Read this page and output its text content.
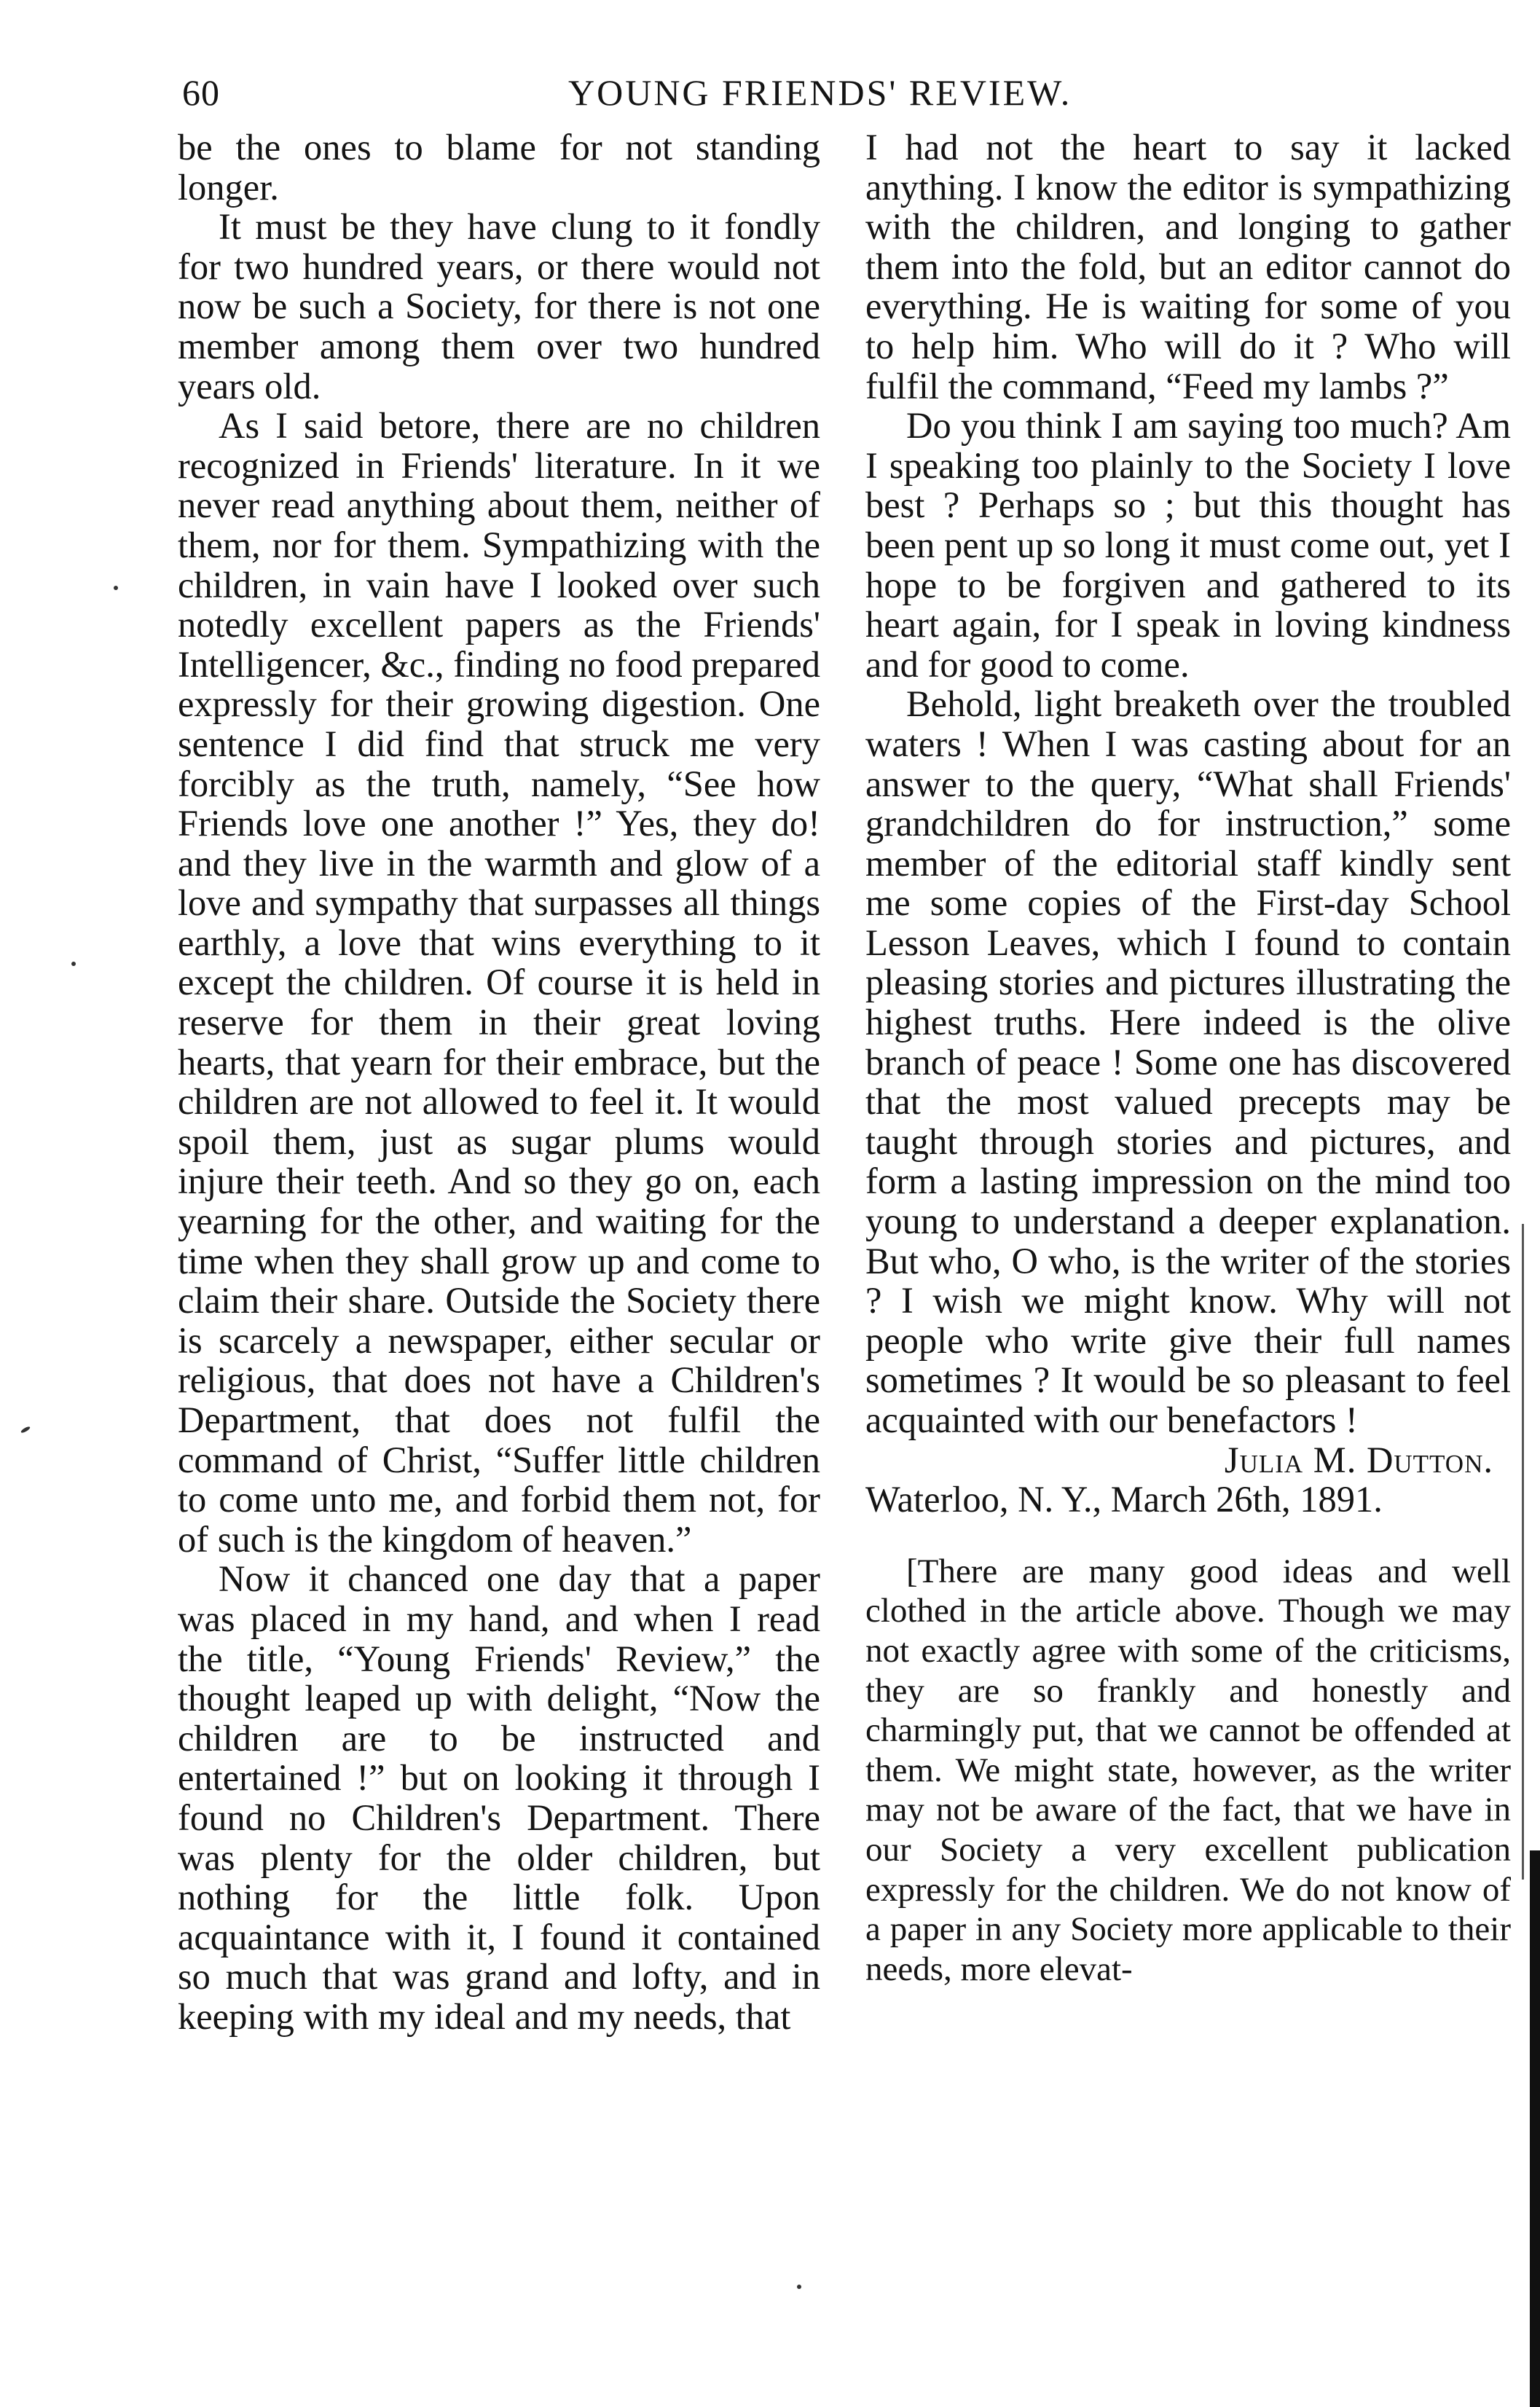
60	YOUNG FRIENDS' REVIEW.

be the ones to blame for not standing longer.

It must be they have clung to it fondly for two hundred years, or there would not now be such a Society, for there is not one member among them over two hundred years old.

As I said betore, there are no children recognized in Friends' literature. In it we never read anything about them, neither of them, nor for them. Sympathizing with the children, in vain have I looked over such notedly excellent papers as the Friends' Intelligencer, &c., finding no food prepared expressly for their growing digestion. One sentence I did find that struck me very forcibly as the truth, namely, “See how Friends love one another !” Yes, they do! and they live in the warmth and glow of a love and sympathy that surpasses all things earthly, a love that wins everything to it except the children. Of course it is held in reserve for them in their great loving hearts, that yearn for their embrace, but the children are not allowed to feel it. It would spoil them, just as sugar plums would injure their teeth. And so they go on, each yearning for the other, and waiting for the time when they shall grow up and come to claim their share. Outside the Society there is scarcely a newspaper, either secular or religious, that does not have a Children's Department, that does not fulfil the command of Christ, “Suffer little children to come unto me, and forbid them not, for of such is the kingdom of heaven.”

Now it chanced one day that a paper was placed in my hand, and when I read the title, “Young Friends' Review,” the thought leaped up with delight, “Now the children are to be instructed and entertained !” but on looking it through I found no Children's Department. There was plenty for the older children, but nothing for the little folk. Upon acquaintance with it, I found it contained so much that was grand and lofty, and in keeping with my ideal and my needs, that

I had not the heart to say it lacked anything. I know the editor is sympathizing with the children, and longing to gather them into the fold, but an editor cannot do everything. He is waiting for some of you to help him. Who will do it ? Who will fulfil the command, “Feed my lambs ?”

Do you think I am saying too much? Am I speaking too plainly to the Society I love best ? Perhaps so ; but this thought has been pent up so long it must come out, yet I hope to be forgiven and gathered to its heart again, for I speak in loving kindness and for good to come.

Behold, light breaketh over the troubled waters ! When I was casting about for an answer to the query, “What shall Friends' grandchildren do for instruction,” some member of the editorial staff kindly sent me some copies of the First-day School Lesson Leaves, which I found to contain pleasing stories and pictures illustrating the highest truths. Here indeed is the olive branch of peace ! Some one has discovered that the most valued precepts may be taught through stories and pictures, and form a lasting impression on the mind too young to understand a deeper explanation. But who, O who, is the writer of the stories ? I wish we might know. Why will not people who write give their full names sometimes ? It would be so pleasant to feel acquainted with our benefactors !

Julia M. Dutton.

Waterloo, N. Y., March 26th, 1891.

[There are many good ideas and well clothed in the article above. Though we may not exactly agree with some of the criticisms, they are so frankly and honestly and charmingly put, that we cannot be offended at them. We might state, however, as the writer may not be aware of the fact, that we have in our Society a very excellent publication expressly for the children. We do not know of a paper in any Society more applicable to their needs, more elevat-
